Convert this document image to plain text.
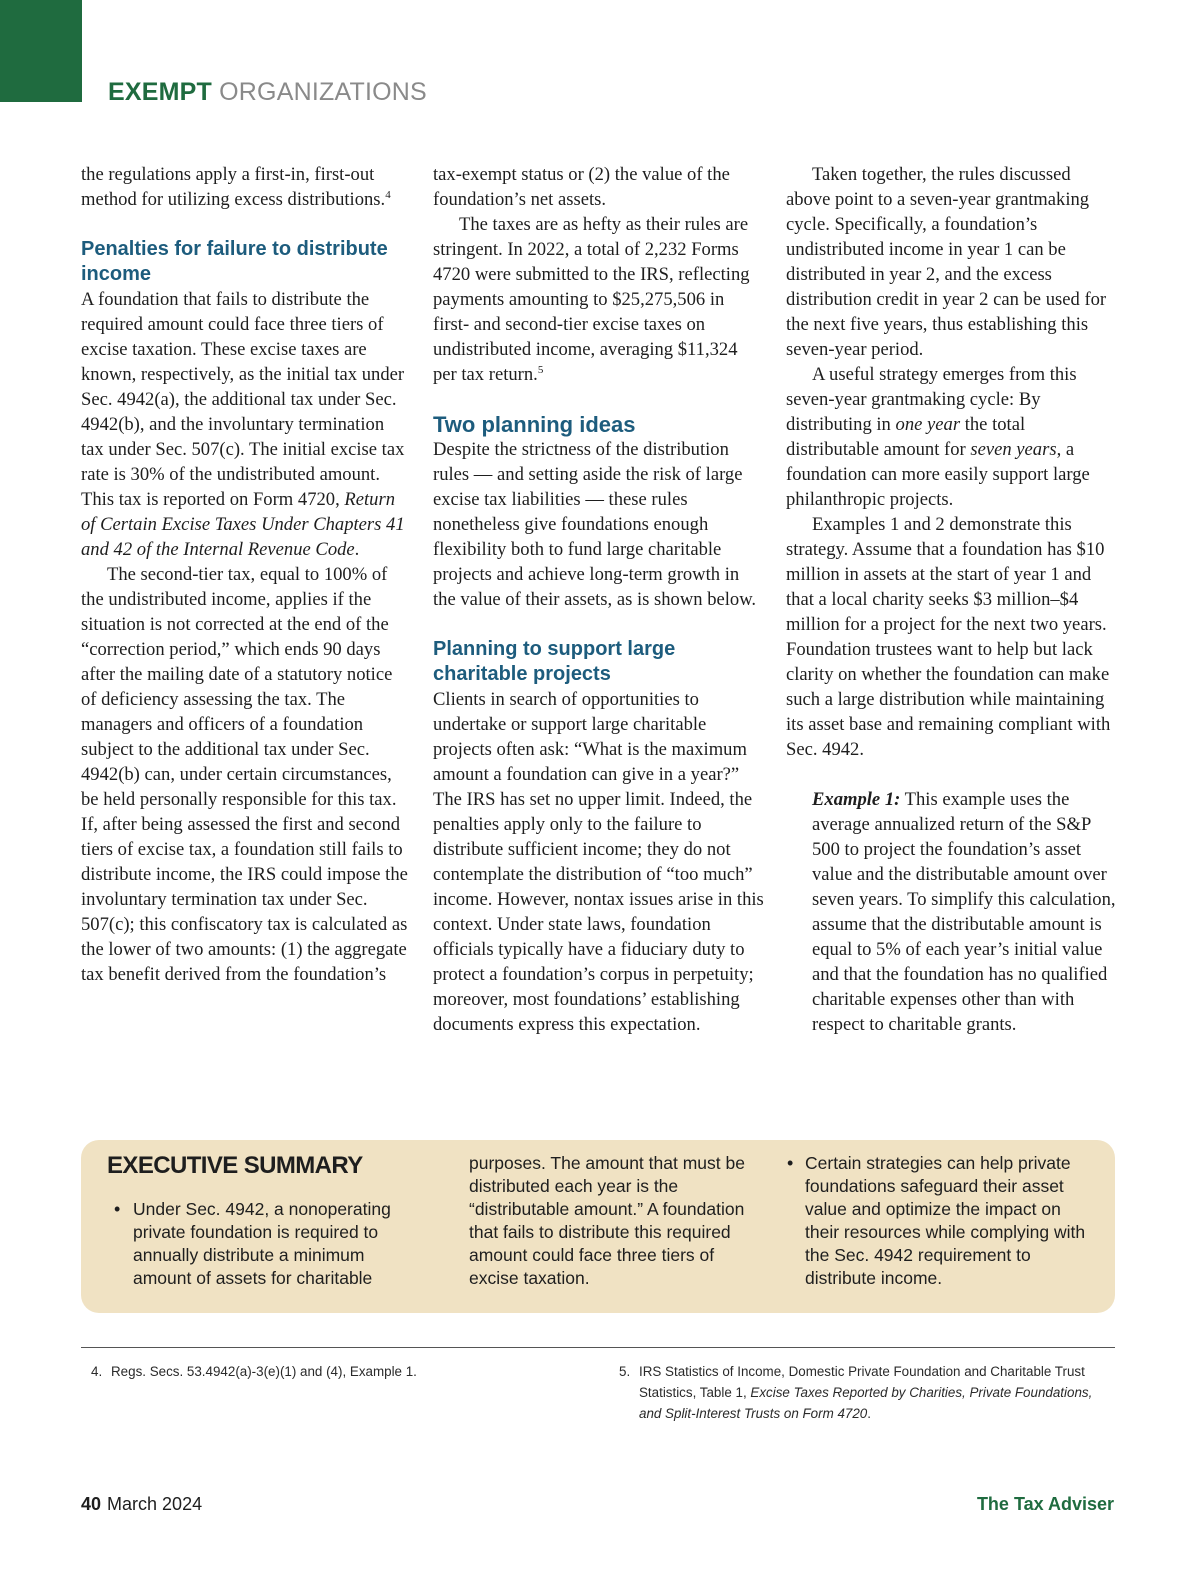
EXEMPT ORGANIZATIONS

the regulations apply a first-in, first-out method for utilizing excess distributions.$^4$

Penalties for failure to distribute income

A foundation that fails to distribute the required amount could face three tiers of excise taxation. These excise taxes are known, respectively, as the initial tax under Sec. 4942(a), the additional tax under Sec. 4942(b), and the involuntary termination tax under Sec. 507(c). The initial excise tax rate is 30% of the undistributed amount. This tax is reported on Form 4720, Return of Certain Excise Taxes Under Chapters 41 and 42 of the Internal Revenue Code.

The second-tier tax, equal to 100% of the undistributed income, applies if the situation is not corrected at the end of the “correction period,” which ends 90 days after the mailing date of a statutory notice of deficiency assessing the tax. The managers and officers of a foundation subject to the additional tax under Sec. 4942(b) can, under certain circumstances, be held personally responsible for this tax. If, after being assessed the first and second tiers of excise tax, a foundation still fails to distribute income, the IRS could impose the involuntary termination tax under Sec. 507(c); this confiscatory tax is calculated as the lower of two amounts: (1) the aggregate tax benefit derived from the foundation’s

tax-exempt status or (2) the value of the foundation’s net assets.

The taxes are as hefty as their rules are stringent. In 2022, a total of 2,232 Forms 4720 were submitted to the IRS, reflecting payments amounting to $25,275,506 in first- and second-tier excise taxes on undistributed income, averaging $11,324 per tax return.$^5$

Two planning ideas

Despite the strictness of the distribution rules — and setting aside the risk of large excise tax liabilities — these rules nonetheless give foundations enough flexibility both to fund large charitable projects and achieve long-term growth in the value of their assets, as is shown below.

Planning to support large charitable projects

Clients in search of opportunities to undertake or support large charitable projects often ask: “What is the maximum amount a foundation can give in a year?” The IRS has set no upper limit. Indeed, the penalties apply only to the failure to distribute sufficient income; they do not contemplate the distribution of “too much” income. However, nontax issues arise in this context. Under state laws, foundation officials typically have a fiduciary duty to protect a foundation’s corpus in perpetuity; moreover, most foundations’ establishing documents express this expectation.

Taken together, the rules discussed above point to a seven-year grantmaking cycle. Specifically, a foundation’s undistributed income in year 1 can be distributed in year 2, and the excess distribution credit in year 2 can be used for the next five years, thus establishing this seven-year period.

A useful strategy emerges from this seven-year grantmaking cycle: By distributing in one year the total distributable amount for seven years, a foundation can more easily support large philanthropic projects.

Examples 1 and 2 demonstrate this strategy. Assume that a foundation has $10 million in assets at the start of year 1 and that a local charity seeks $3 million–$4 million for a project for the next two years. Foundation trustees want to help but lack clarity on whether the foundation can make such a large distribution while maintaining its asset base and remaining compliant with Sec. 4942.

Example 1: This example uses the average annualized return of the S&P 500 to project the foundation’s asset value and the distributable amount over seven years. To simplify this calculation, assume that the distributable amount is equal to 5% of each year’s initial value and that the foundation has no qualified charitable expenses other than with respect to charitable grants.

EXECUTIVE SUMMARY
• Under Sec. 4942, a nonoperating private foundation is required to annually distribute a minimum amount of assets for charitable
purposes. The amount that must be distributed each year is the “distributable amount.” A foundation that fails to distribute this required amount could face three tiers of excise taxation.
• Certain strategies can help private foundations safeguard their asset value and optimize the impact on their resources while complying with the Sec. 4942 requirement to distribute income.
4. Regs. Secs. 53.4942(a)-3(e)(1) and (4), Example 1.	5. IRS Statistics of Income, Domestic Private Foundation and Charitable Trust Statistics, Table 1, Excise Taxes Reported by Charities, Private Foundations, and Split-Interest Trusts on Form 4720.
40 March 2024	The Tax Adviser
